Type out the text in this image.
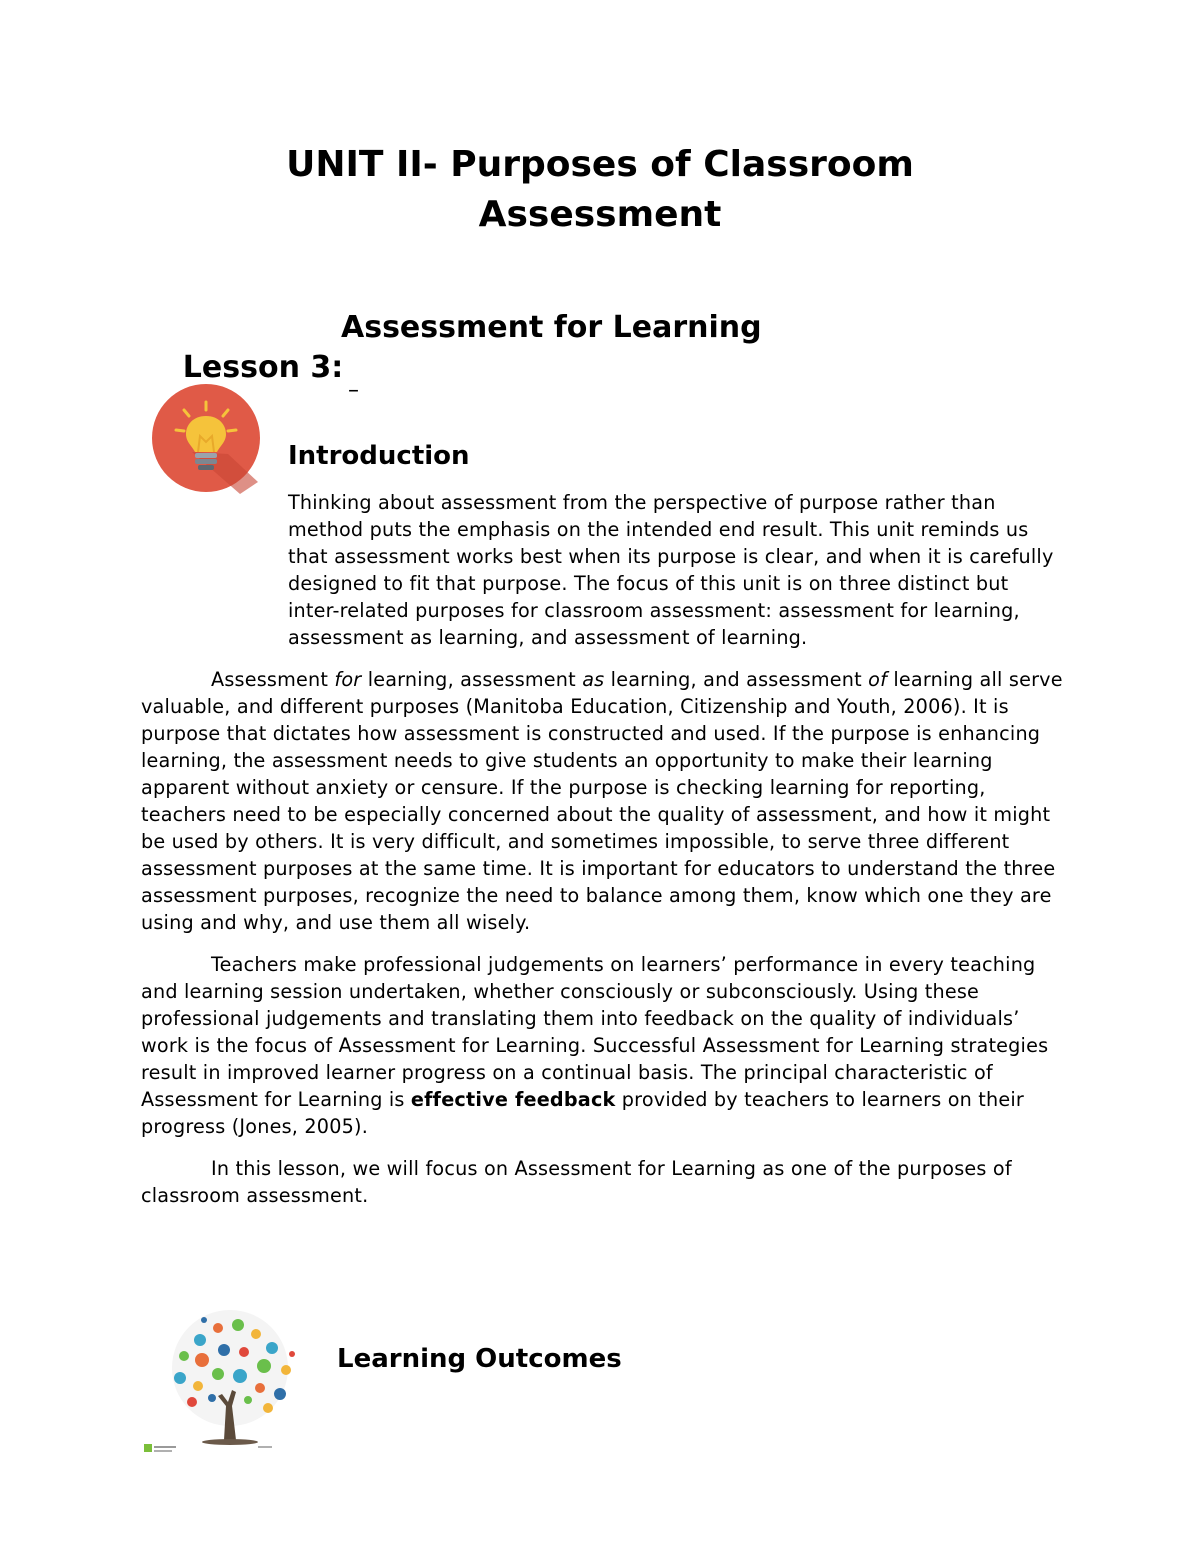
UNIT II- Purposes of Classroom
Assessment

Lesson 3:

Assessment for Learning

–
Introduction

Thinking about assessment from the perspective of purpose rather than method puts the emphasis on the intended end result. This unit reminds us that assessment works best when its purpose is clear, and when it is carefully designed to fit that purpose. The focus of this unit is on three distinct but inter-related purposes for classroom assessment: assessment for learning, assessment as learning, and assessment of learning.

Assessment for learning, assessment as learning, and assessment of learning all serve valuable, and different purposes (Manitoba Education, Citizenship and Youth, 2006). It is purpose that dictates how assessment is constructed and used. If the purpose is enhancing learning, the assessment needs to give students an opportunity to make their learning apparent without anxiety or censure. If the purpose is checking learning for reporting, teachers need to be especially concerned about the quality of assessment, and how it might be used by others. It is very difficult, and sometimes impossible, to serve three different assessment purposes at the same time. It is important for educators to understand the three assessment purposes, recognize the need to balance among them, know which one they are using and why, and use them all wisely.

Teachers make professional judgements on learners’ performance in every teaching and learning session undertaken, whether consciously or subconsciously. Using these professional judgements and translating them into feedback on the quality of individuals’ work is the focus of Assessment for Learning. Successful Assessment for Learning strategies result in improved learner progress on a continual basis. The principal characteristic of Assessment for Learning is effective feedback provided by teachers to learners on their progress (Jones, 2005).

In this lesson, we will focus on Assessment for Learning as one of the purposes of classroom assessment.

Learning Outcomes
